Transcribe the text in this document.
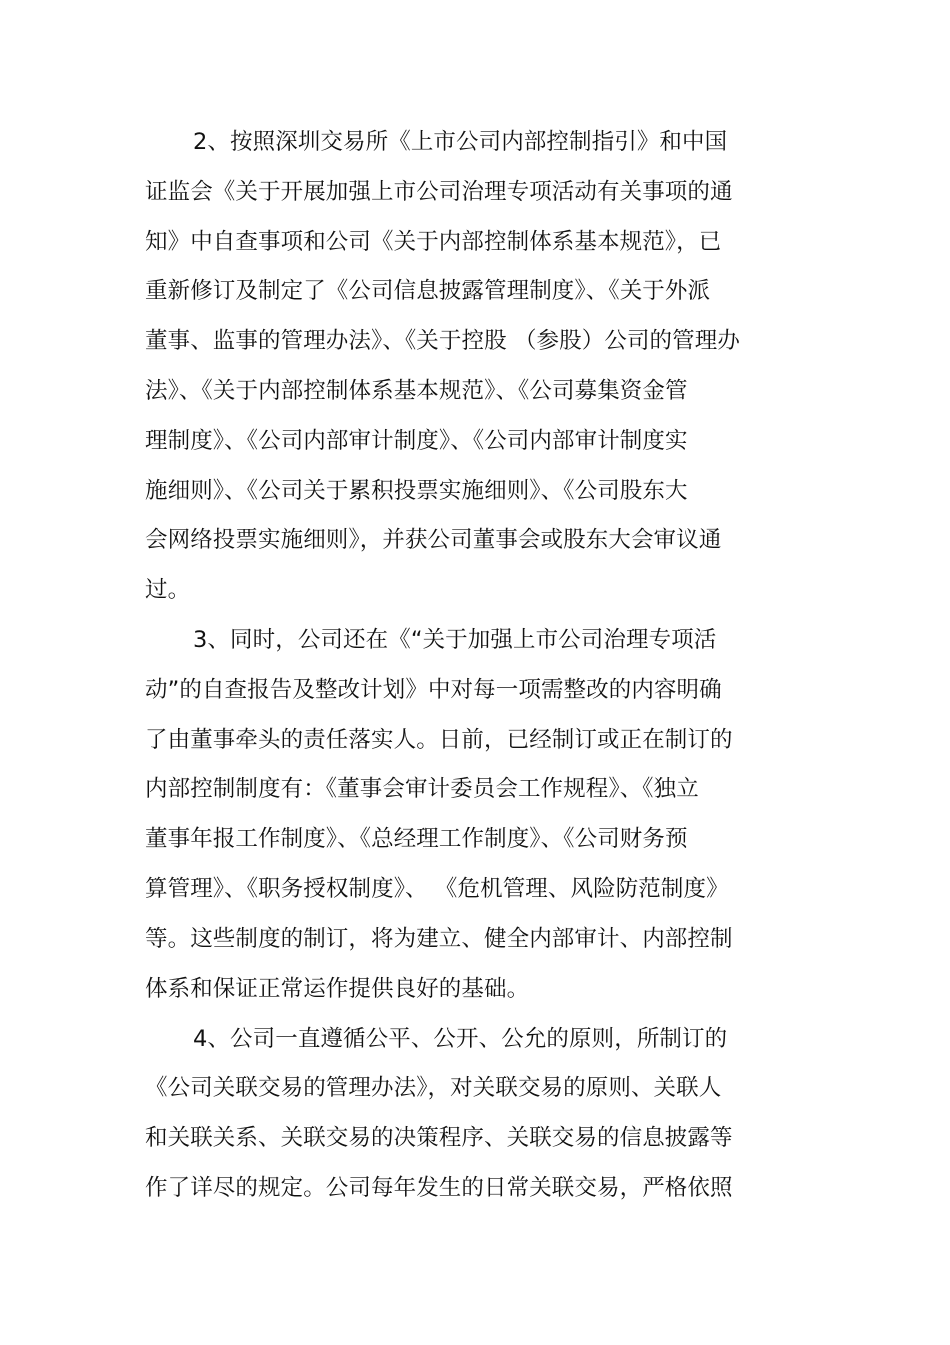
2、按照深圳交易所《上市公司内部控制指引》和中国
证监会《关于开展加强上市公司治理专项活动有关事项的通
知》中自查事项和公司《关于内部控制体系基本规范》，已
重新修订及制定了《公司信息披露管理制度》、《关于外派
董事、监事的管理办法》、《关于控股 （参股）公司的管理办
法》、《关于内部控制体系基本规范》、《公司募集资金管
理制度》、《公司内部审计制度》、《公司内部审计制度实
施细则》、《公司关于累积投票实施细则》、《公司股东大
会网络投票实施细则》，并获公司董事会或股东大会审议通
过。
3、同时，公司还在《“关于加强上市公司治理专项活
动”的自查报告及整改计划》中对每一项需整改的内容明确
了由董事牵头的责任落实人。日前，已经制订或正在制订的
内部控制制度有：《董事会审计委员会工作规程》、《独立
董事年报工作制度》、《总经理工作制度》、《公司财务预
算管理》、《职务授权制度》、 《危机管理、风险防范制度》
等。这些制度的制订，将为建立、健全内部审计、内部控制
体系和保证正常运作提供良好的基础。
4、公司一直遵循公平、公开、公允的原则，所制订的
《公司关联交易的管理办法》，对关联交易的原则、关联人
和关联关系、关联交易的决策程序、关联交易的信息披露等
作了详尽的规定。公司每年发生的日常关联交易，严格依照
